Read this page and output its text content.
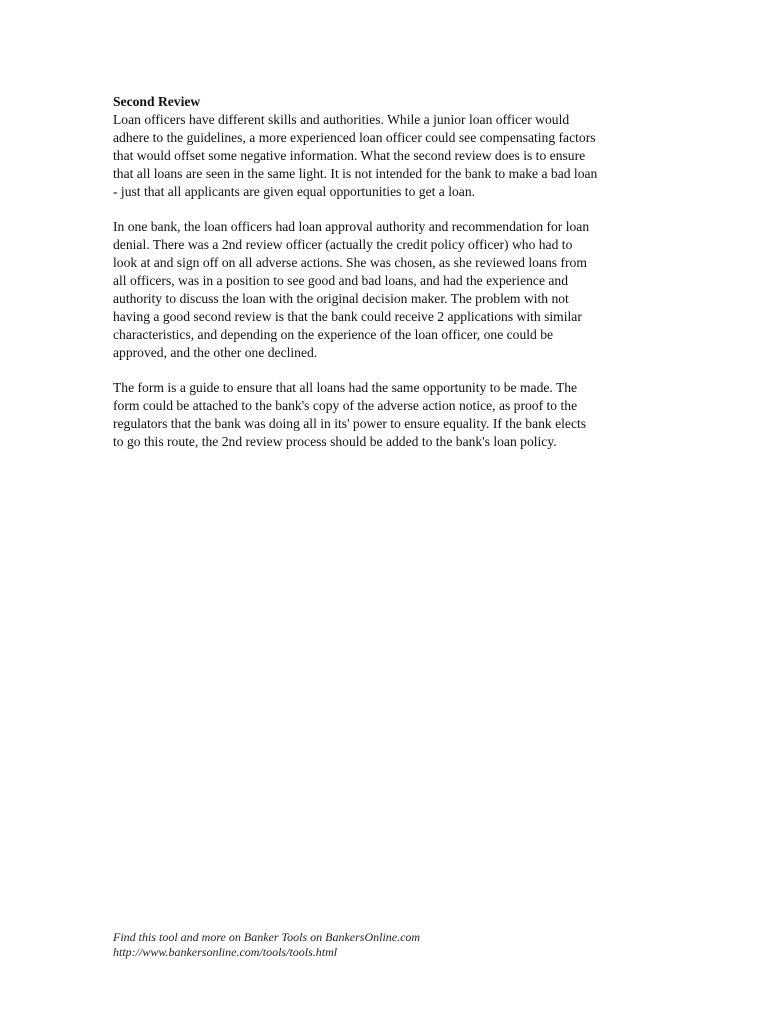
Second Review

Loan officers have different skills and authorities. While a junior loan officer would
adhere to the guidelines, a more experienced loan officer could see compensating factors
that would offset some negative information. What the second review does is to ensure
that all loans are seen in the same light. It is not intended for the bank to make a bad loan
- just that all applicants are given equal opportunities to get a loan.

In one bank, the loan officers had loan approval authority and recommendation for loan
denial. There was a 2nd review officer (actually the credit policy officer) who had to
look at and sign off on all adverse actions. She was chosen, as she reviewed loans from
all officers, was in a position to see good and bad loans, and had the experience and
authority to discuss the loan with the original decision maker. The problem with not
having a good second review is that the bank could receive 2 applications with similar
characteristics, and depending on the experience of the loan officer, one could be
approved, and the other one declined.

The form is a guide to ensure that all loans had the same opportunity to be made. The
form could be attached to the bank's copy of the adverse action notice, as proof to the
regulators that the bank was doing all in its' power to ensure equality. If the bank elects
to go this route, the 2nd review process should be added to the bank's loan policy.

Find this tool and more on Banker Tools on BankersOnline.com
http://www.bankersonline.com/tools/tools.html
